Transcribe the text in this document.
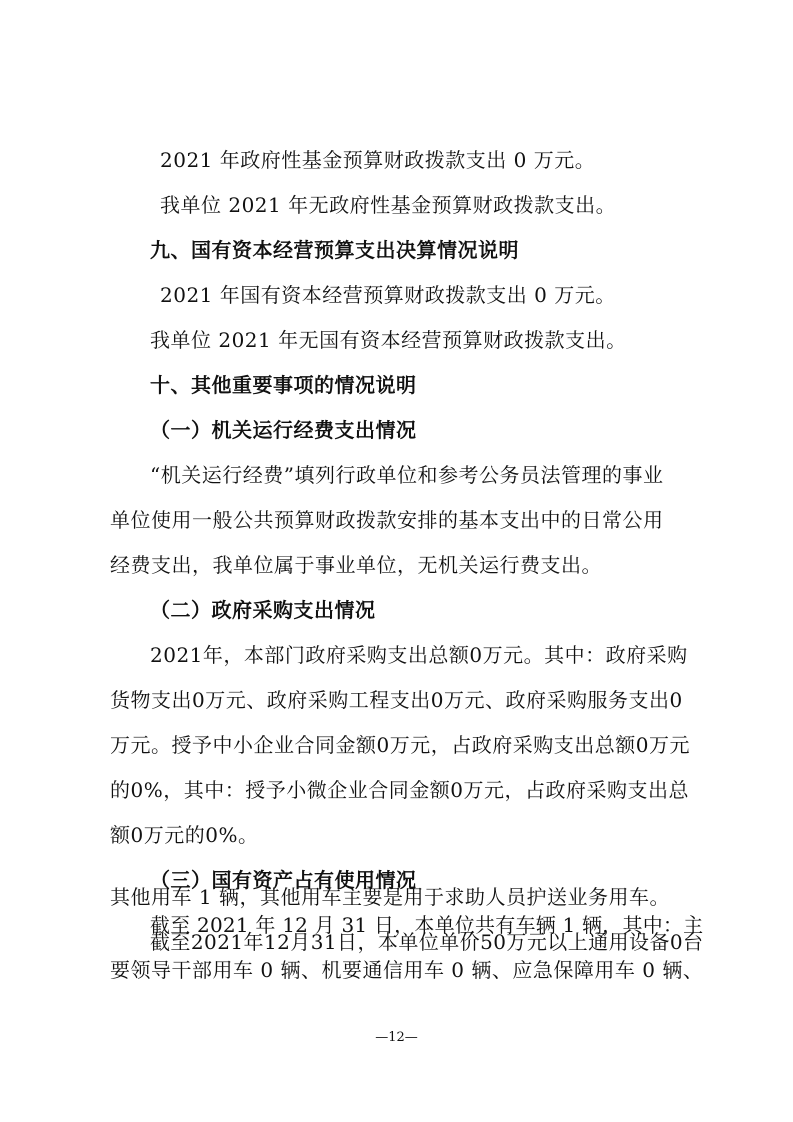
2021 年政府性基金预算财政拨款支出 0 万元。
我单位 2021 年无政府性基金预算财政拨款支出。
九、国有资本经营预算支出决算情况说明
2021 年国有资本经营预算财政拨款支出 0 万元。
我单位 2021 年无国有资本经营预算财政拨款支出。
十、其他重要事项的情况说明
（一）机关运行经费支出情况
“机关运行经费”填列行政单位和参考公务员法管理的事业
单位使用一般公共预算财政拨款安排的基本支出中的日常公用
经费支出，我单位属于事业单位，无机关运行费支出。
（二）政府采购支出情况
2021年，本部门政府采购支出总额0万元。其中：政府采购
货物支出0万元、政府采购工程支出0万元、政府采购服务支出0
万元。授予中小企业合同金额0万元，占政府采购支出总额0万元
的0%，其中：授予小微企业合同金额0万元，占政府采购支出总
额0万元的0%。
（三）国有资产占有使用情况
截至 2021 年 12 月 31 日，本单位共有车辆 1 辆，其中：主
要领导干部用车 0 辆、机要通信用车 0 辆、应急保障用车 0 辆、
其他用车 1 辆，其他用车主要是用于求助人员护送业务用车。
截至2021年12月31日，本单位单价50万元以上通用设备0台
—12—
